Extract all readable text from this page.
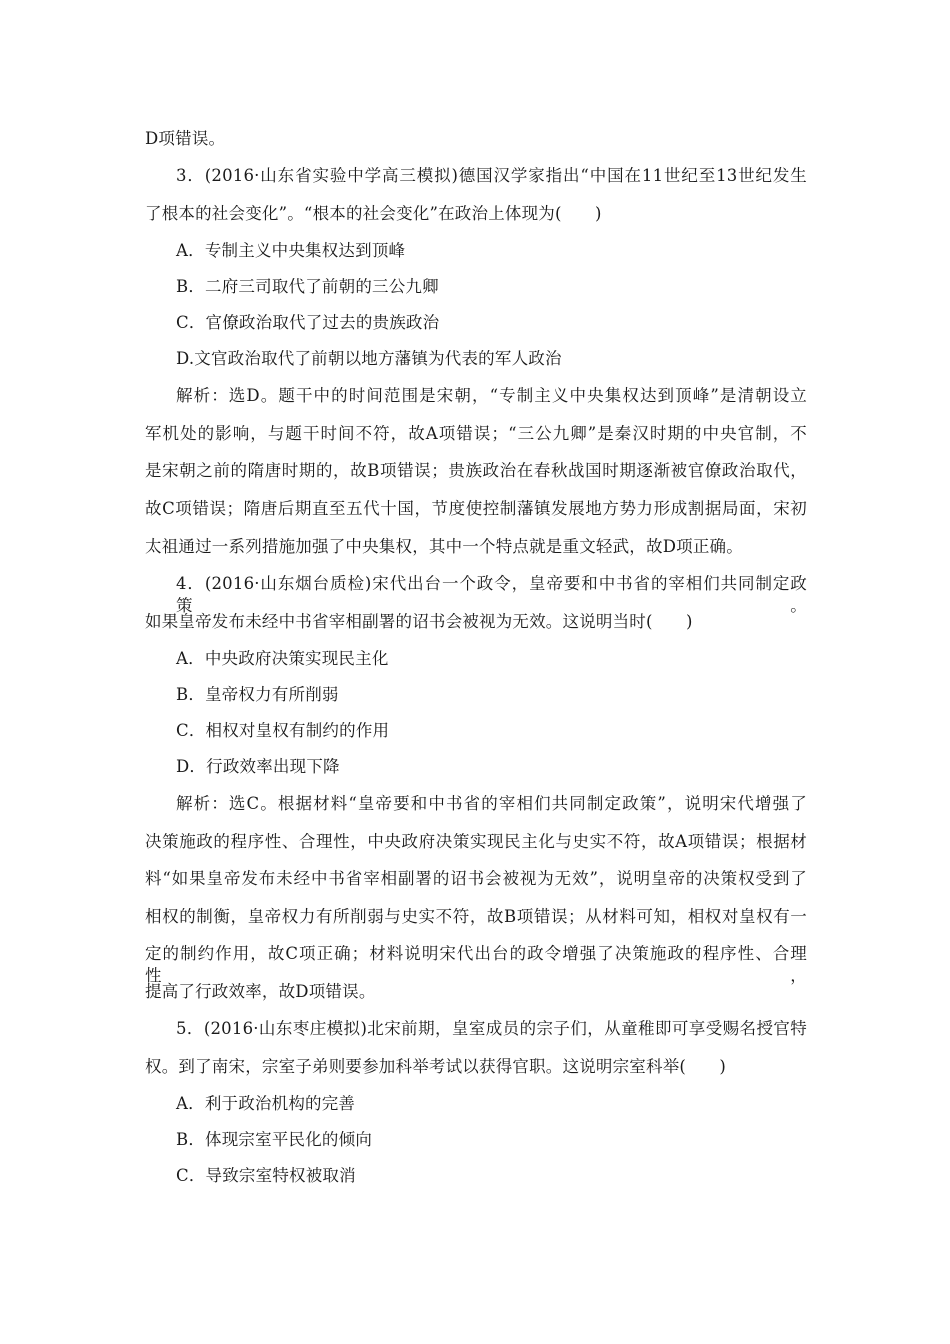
D项错误。
3．(2016·山东省实验中学高三模拟)德国汉学家指出“中国在11世纪至13世纪发生
了根本的社会变化”。“根本的社会变化”在政治上体现为(　　)
A．专制主义中央集权达到顶峰
B．二府三司取代了前朝的三公九卿
C．官僚政治取代了过去的贵族政治
D.文官政治取代了前朝以地方藩镇为代表的军人政治
解析：选D。题干中的时间范围是宋朝，“专制主义中央集权达到顶峰”是清朝设立
军机处的影响，与题干时间不符，故A项错误；“三公九卿”是秦汉时期的中央官制，不
是宋朝之前的隋唐时期的，故B项错误；贵族政治在春秋战国时期逐渐被官僚政治取代，
故C项错误；隋唐后期直至五代十国，节度使控制藩镇发展地方势力形成割据局面，宋初
太祖通过一系列措施加强了中央集权，其中一个特点就是重文轻武，故D项正确。
4．(2016·山东烟台质检)宋代出台一个政令，皇帝要和中书省的宰相们共同制定政策。
如果皇帝发布未经中书省宰相副署的诏书会被视为无效。这说明当时(　　)
A．中央政府决策实现民主化
B．皇帝权力有所削弱
C．相权对皇权有制约的作用
D．行政效率出现下降
解析：选C。根据材料“皇帝要和中书省的宰相们共同制定政策”，说明宋代增强了
决策施政的程序性、合理性，中央政府决策实现民主化与史实不符，故A项错误；根据材
料“如果皇帝发布未经中书省宰相副署的诏书会被视为无效”，说明皇帝的决策权受到了
相权的制衡，皇帝权力有所削弱与史实不符，故B项错误；从材料可知，相权对皇权有一
定的制约作用，故C项正确；材料说明宋代出台的政令增强了决策施政的程序性、合理性，
提高了行政效率，故D项错误。
5．(2016·山东枣庄模拟)北宋前期，皇室成员的宗子们，从童稚即可享受赐名授官特
权。到了南宋，宗室子弟则要参加科举考试以获得官职。这说明宗室科举(　　)
A．利于政治机构的完善
B．体现宗室平民化的倾向
C．导致宗室特权被取消
